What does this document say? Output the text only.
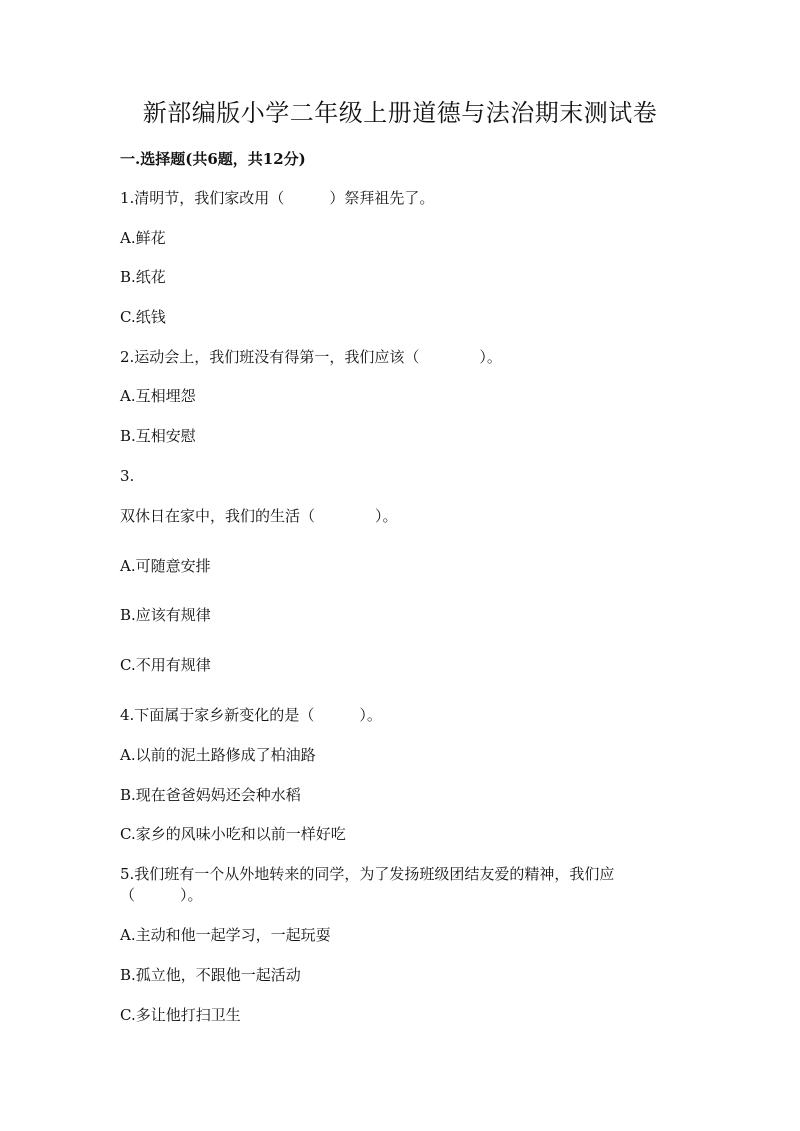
新部编版小学二年级上册道德与法治期末测试卷

一.选择题(共6题，共12分)

1.清明节，我们家改用（　　　）祭拜祖先了。

A.鲜花

B.纸花

C.纸钱

2.运动会上，我们班没有得第一，我们应该（　　　　）。

A.互相埋怨

B.互相安慰

3.

双休日在家中，我们的生活（　　　　）。

A.可随意安排

B.应该有规律

C.不用有规律

4.下面属于家乡新变化的是（　　　）。

A.以前的泥土路修成了柏油路

B.现在爸爸妈妈还会种水稻

C.家乡的风味小吃和以前一样好吃

5.我们班有一个从外地转来的同学，为了发扬班级团结友爱的精神，我们应

（　　　）。

A.主动和他一起学习，一起玩耍

B.孤立他，不跟他一起活动

C.多让他打扫卫生
